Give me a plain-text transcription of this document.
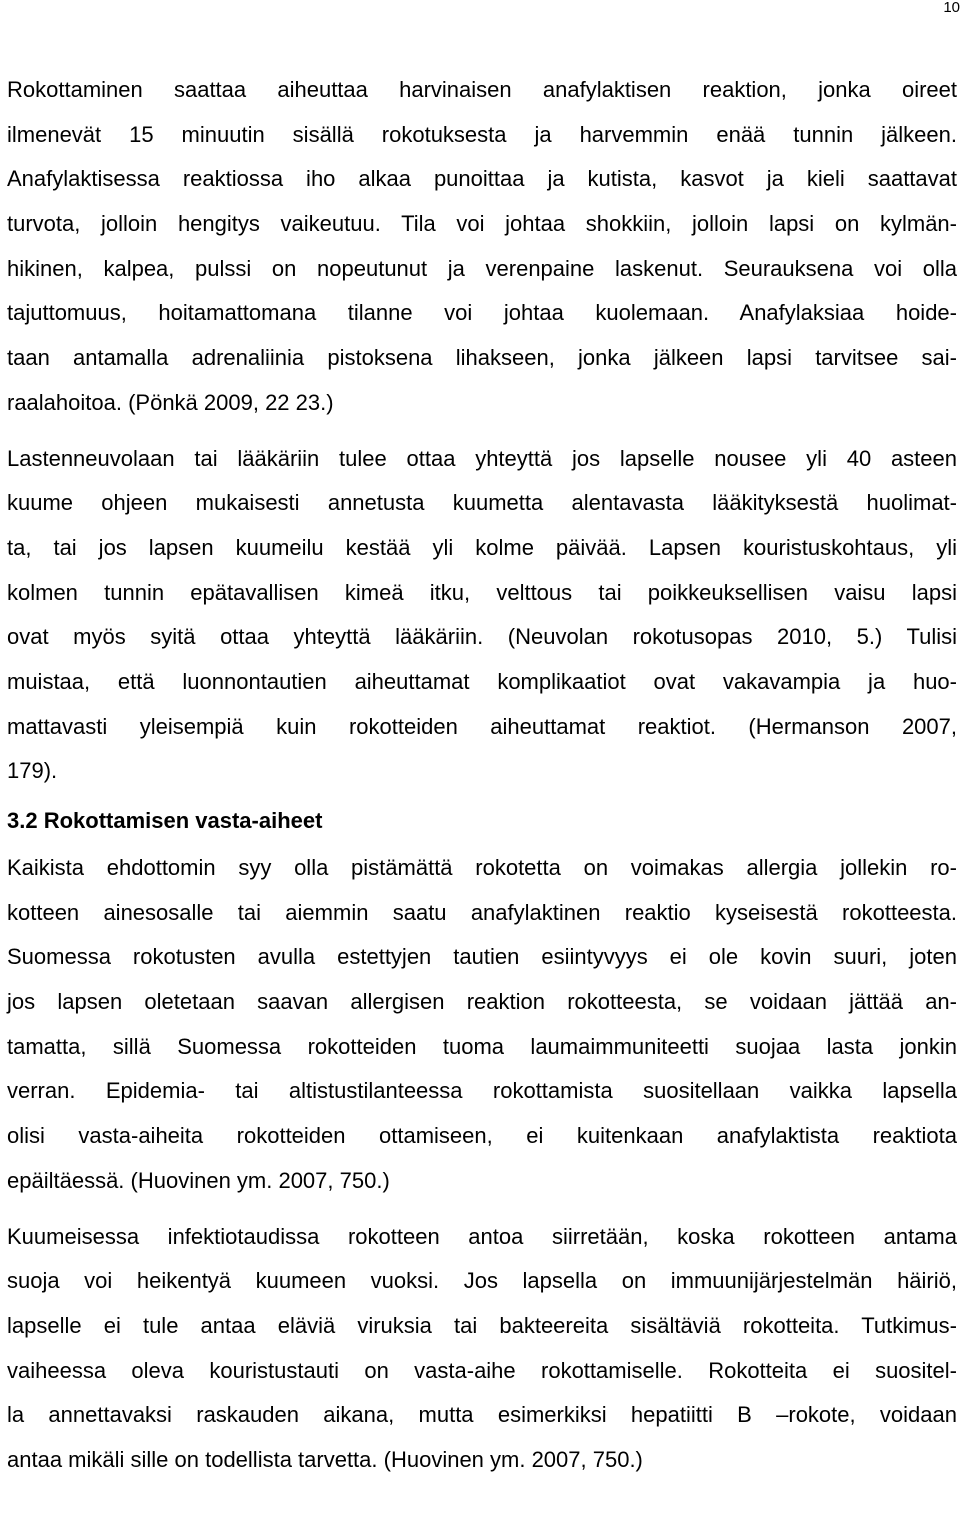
10
Rokottaminen saattaa aiheuttaa harvinaisen anafylaktisen reaktion, jonka oireet
ilmenevät 15 minuutin sisällä rokotuksesta ja harvemmin enää tunnin jälkeen.
Anafylaktisessa reaktiossa iho alkaa punoittaa ja kutista, kasvot ja kieli saattavat
turvota, jolloin hengitys vaikeutuu. Tila voi johtaa shokkiin, jolloin lapsi on kylmän-
hikinen, kalpea, pulssi on nopeutunut ja verenpaine laskenut. Seurauksena voi olla
tajuttomuus, hoitamattomana tilanne voi johtaa kuolemaan. Anafylaksiaa hoide-
taan antamalla adrenaliinia pistoksena lihakseen, jonka jälkeen lapsi tarvitsee sai-
raalahoitoa. (Pönkä 2009, 22 23.)
Lastenneuvolaan tai lääkäriin tulee ottaa yhteyttä jos lapselle nousee yli 40 asteen
kuume ohjeen mukaisesti annetusta kuumetta alentavasta lääkityksestä huolimat-
ta, tai jos lapsen kuumeilu kestää yli kolme päivää. Lapsen kouristuskohtaus, yli
kolmen tunnin epätavallisen kimeä itku, velttous tai poikkeuksellisen vaisu lapsi
ovat myös syitä ottaa yhteyttä lääkäriin. (Neuvolan rokotusopas 2010, 5.) Tulisi
muistaa, että luonnontautien aiheuttamat komplikaatiot ovat vakavampia ja huo-
mattavasti yleisempiä kuin rokotteiden aiheuttamat reaktiot. (Hermanson 2007,
179).
3.2 Rokottamisen vasta-aiheet
Kaikista ehdottomin syy olla pistämättä rokotetta on voimakas allergia jollekin ro-
kotteen ainesosalle tai aiemmin saatu anafylaktinen reaktio kyseisestä rokotteesta.
Suomessa rokotusten avulla estettyjen tautien esiintyvyys ei ole kovin suuri, joten
jos lapsen oletetaan saavan allergisen reaktion rokotteesta, se voidaan jättää an-
tamatta, sillä Suomessa rokotteiden tuoma laumaimmuniteetti suojaa lasta jonkin
verran. Epidemia- tai altistustilanteessa rokottamista suositellaan vaikka lapsella
olisi vasta-aiheita rokotteiden ottamiseen, ei kuitenkaan anafylaktista reaktiota
epäiltäessä. (Huovinen ym. 2007, 750.)
Kuumeisessa infektiotaudissa rokotteen antoa siirretään, koska rokotteen antama
suoja voi heikentyä kuumeen vuoksi. Jos lapsella on immuunijärjestelmän häiriö,
lapselle ei tule antaa eläviä viruksia tai bakteereita sisältäviä rokotteita. Tutkimus-
vaiheessa oleva kouristustauti on vasta-aihe rokottamiselle. Rokotteita ei suositel-
la annettavaksi raskauden aikana, mutta esimerkiksi hepatiitti B –rokote, voidaan
antaa mikäli sille on todellista tarvetta. (Huovinen ym. 2007, 750.)
